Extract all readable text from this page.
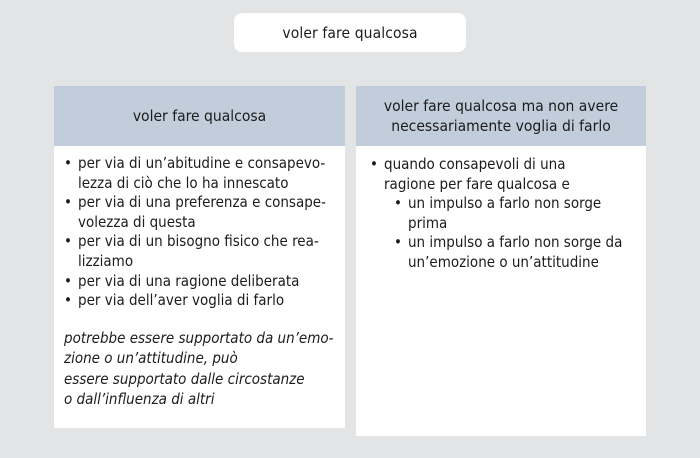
voler fare qualcosa
voler fare qualcosa
• per via di un’abitudine e consapevo-
lezza di ciò che lo ha innescato
• per via di una preferenza e consape-
volezza di questa
• per via di un bisogno fisico che rea-
lizziamo
• per via di una ragione deliberata
• per via dell’aver voglia di farlo
potrebbe essere supportato da un’emo-
zione o un’attitudine, può
essere supportato dalle circostanze
o dall’influenza di altri
voler fare qualcosa ma non avere
necessariamente voglia di farlo
• quando consapevoli di una
ragione per fare qualcosa e
• un impulso a farlo non sorge
prima
• un impulso a farlo non sorge da
un’emozione o un’attitudine
